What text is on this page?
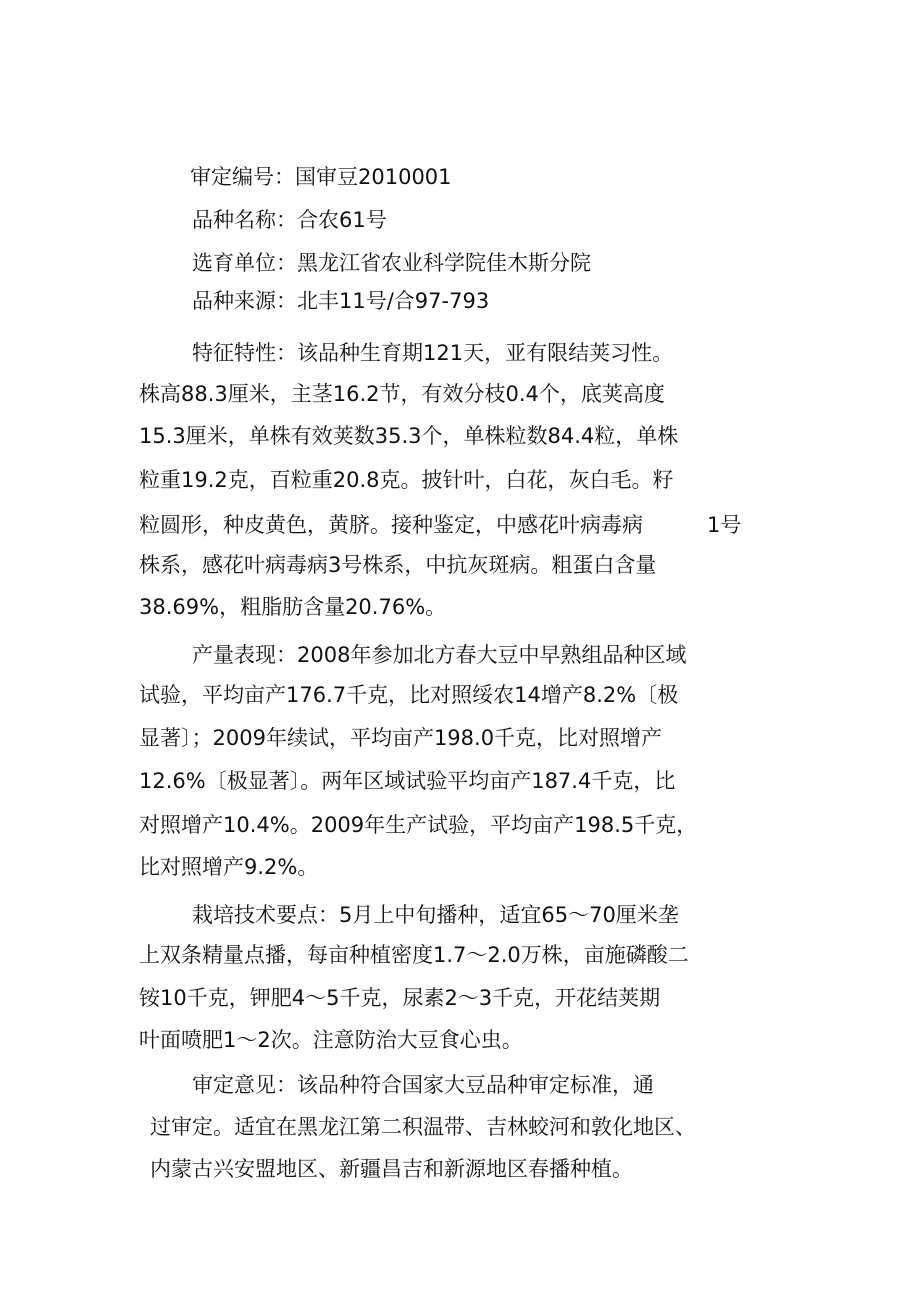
审定编号：国审豆2010001
品种名称：合农61号
选育单位：黑龙江省农业科学院佳木斯分院
品种来源：北丰11号/合97-793
特征特性：该品种生育期121天，亚有限结荚习性。
株高88.3厘米，主茎16.2节，有效分枝0.4个，底荚高度
15.3厘米，单株有效荚数35.3个，单株粒数84.4粒，单株
粒重19.2克，百粒重20.8克。披针叶，白花，灰白毛。籽
粒圆形，种皮黄色，黄脐。接种鉴定，中感花叶病毒病	1号
株系，感花叶病毒病3号株系，中抗灰斑病。粗蛋白含量
38.69%，粗脂肪含量20.76%。
产量表现：2008年参加北方春大豆中早熟组品种区域
试验，平均亩产176.7千克，比对照绥农14增产8.2%〔极
显著〕；2009年续试，平均亩产198.0千克，比对照增产
12.6%〔极显著〕。两年区域试验平均亩产187.4千克，比
对照增产10.4%。2009年生产试验，平均亩产198.5千克，
比对照增产9.2%。
栽培技术要点：5月上中旬播种，适宜65～70厘米垄
上双条精量点播，每亩种植密度1.7～2.0万株，亩施磷酸二
铵10千克，钾肥4～5千克，尿素2～3千克，开花结荚期
叶面喷肥1～2次。注意防治大豆食心虫。
审定意见：该品种符合国家大豆品种审定标准，通
过审定。适宜在黑龙江第二积温带、吉林蛟河和敦化地区、
内蒙古兴安盟地区、新疆昌吉和新源地区春播种植。
